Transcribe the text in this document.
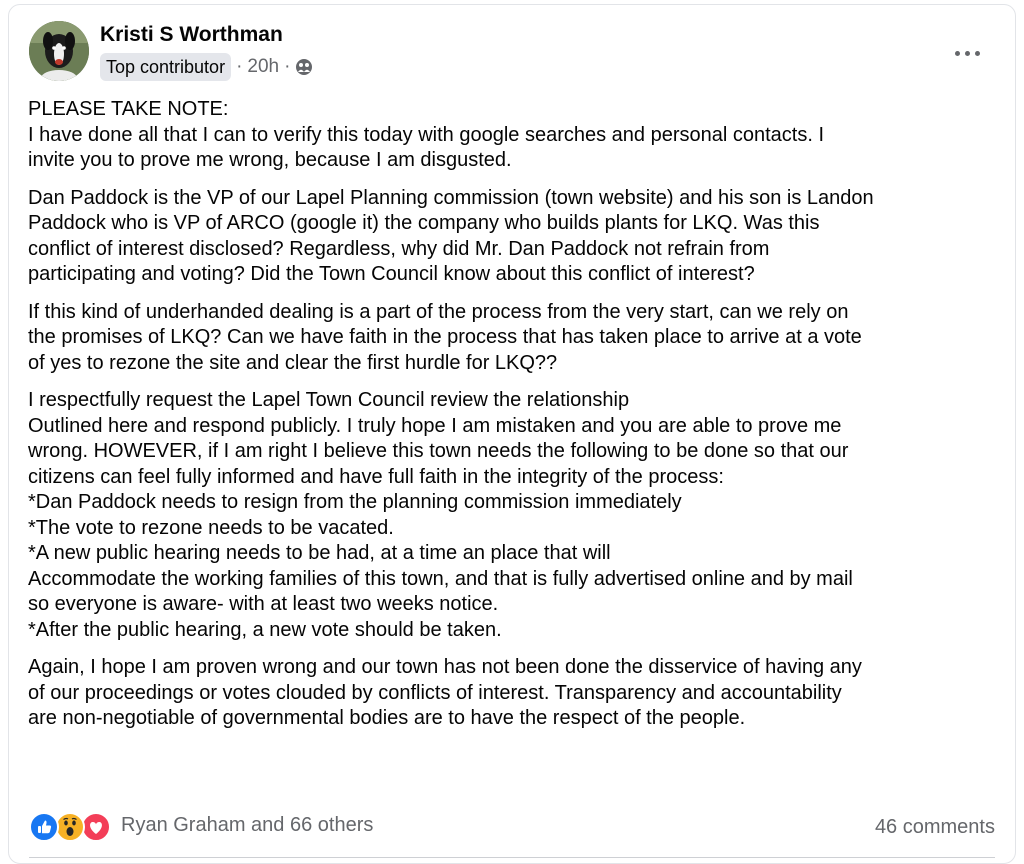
Kristi S Worthman
Top contributor · 20h ·

PLEASE TAKE NOTE:
I have done all that I can to verify this today with google searches and personal contacts. I
invite you to prove me wrong, because I am disgusted.

Dan Paddock is the VP of our Lapel Planning commission (town website) and his son is Landon
Paddock who is VP of ARCO (google it) the company who builds plants for LKQ. Was this
conflict of interest disclosed? Regardless, why did Mr. Dan Paddock not refrain from
participating and voting? Did the Town Council know about this conflict of interest?

If this kind of underhanded dealing is a part of the process from the very start, can we rely on
the promises of LKQ? Can we have faith in the process that has taken place to arrive at a vote
of yes to rezone the site and clear the first hurdle for LKQ??

I respectfully request the Lapel Town Council review the relationship
Outlined here and respond publicly. I truly hope I am mistaken and you are able to prove me
wrong. HOWEVER, if I am right I believe this town needs the following to be done so that our
citizens can feel fully informed and have full faith in the integrity of the process:
*Dan Paddock needs to resign from the planning commission immediately
*The vote to rezone needs to be vacated.
*A new public hearing needs to be had, at a time an place that will
Accommodate the working families of this town, and that is fully advertised online and by mail
so everyone is aware- with at least two weeks notice.
*After the public hearing, a new vote should be taken.

Again, I hope I am proven wrong and our town has not been done the disservice of having any
of our proceedings or votes clouded by conflicts of interest. Transparency and accountability
are non-negotiable of governmental bodies are to have the respect of the people.

Ryan Graham and 66 others	46 comments
